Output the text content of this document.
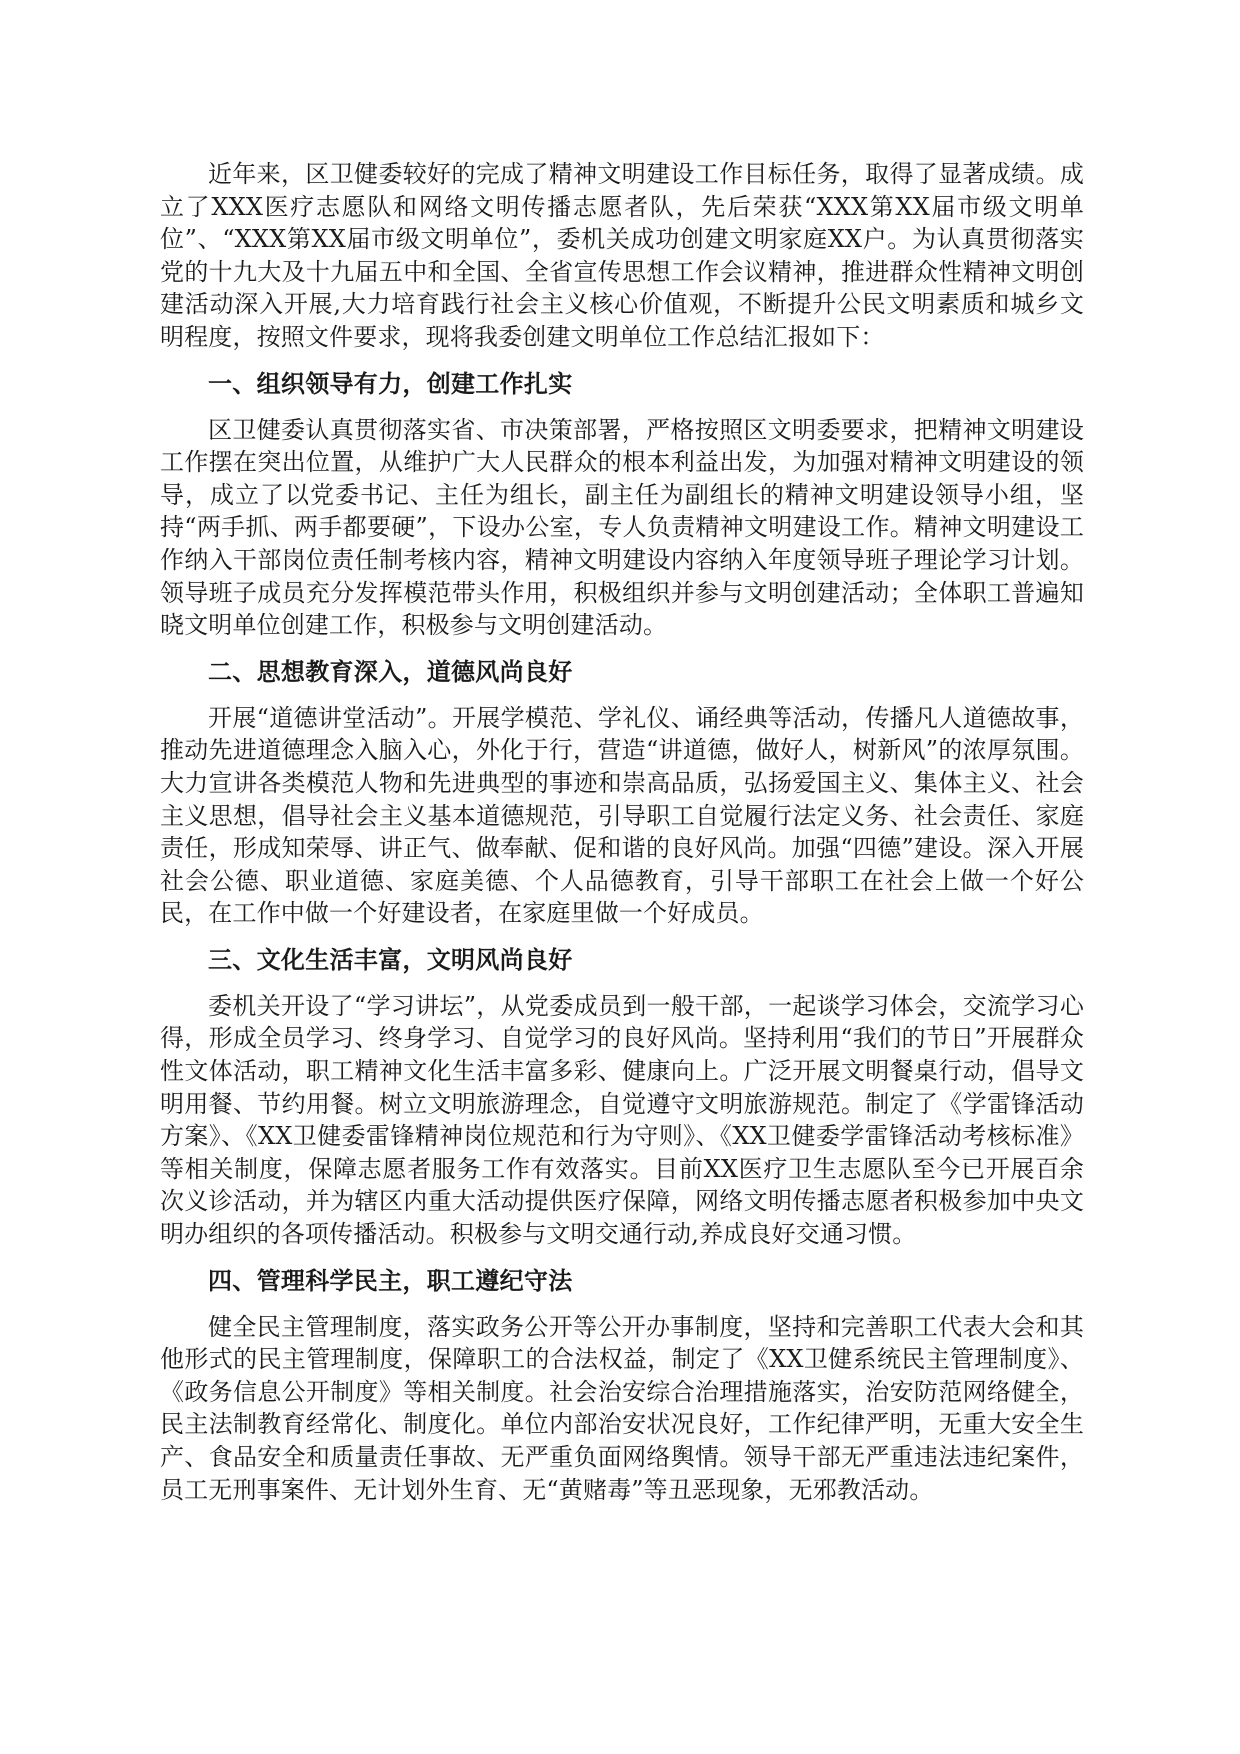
近年来，区卫健委较好的完成了精神文明建设工作目标任务，取得了显著成绩。成立了XXX医疗志愿队和网络文明传播志愿者队，先后荣获“XXX第XX届市级文明单位”、“XXX第XX届市级文明单位”，委机关成功创建文明家庭XX户。为认真贯彻落实党的十九大及十九届五中和全国、全省宣传思想工作会议精神，推进群众性精神文明创建活动深入开展,大力培育践行社会主义核心价值观，不断提升公民文明素质和城乡文明程度，按照文件要求，现将我委创建文明单位工作总结汇报如下：

一、组织领导有力，创建工作扎实

区卫健委认真贯彻落实省、市决策部署，严格按照区文明委要求，把精神文明建设工作摆在突出位置，从维护广大人民群众的根本利益出发，为加强对精神文明建设的领导，成立了以党委书记、主任为组长，副主任为副组长的精神文明建设领导小组，坚持“两手抓、两手都要硬”，下设办公室，专人负责精神文明建设工作。精神文明建设工作纳入干部岗位责任制考核内容，精神文明建设内容纳入年度领导班子理论学习计划。领导班子成员充分发挥模范带头作用，积极组织并参与文明创建活动；全体职工普遍知晓文明单位创建工作，积极参与文明创建活动。

二、思想教育深入，道德风尚良好

开展“道德讲堂活动”。开展学模范、学礼仪、诵经典等活动，传播凡人道德故事，推动先进道德理念入脑入心，外化于行，营造“讲道德，做好人，树新风”的浓厚氛围。大力宣讲各类模范人物和先进典型的事迹和崇高品质，弘扬爱国主义、集体主义、社会主义思想，倡导社会主义基本道德规范，引导职工自觉履行法定义务、社会责任、家庭责任，形成知荣辱、讲正气、做奉献、促和谐的良好风尚。加强“四德”建设。深入开展社会公德、职业道德、家庭美德、个人品德教育，引导干部职工在社会上做一个好公民，在工作中做一个好建设者，在家庭里做一个好成员。

三、文化生活丰富，文明风尚良好

委机关开设了“学习讲坛”，从党委成员到一般干部，一起谈学习体会，交流学习心得，形成全员学习、终身学习、自觉学习的良好风尚。坚持利用“我们的节日”开展群众性文体活动，职工精神文化生活丰富多彩、健康向上。广泛开展文明餐桌行动，倡导文明用餐、节约用餐。树立文明旅游理念，自觉遵守文明旅游规范。制定了《学雷锋活动方案》、《XX卫健委雷锋精神岗位规范和行为守则》、《XX卫健委学雷锋活动考核标准》等相关制度，保障志愿者服务工作有效落实。目前XX医疗卫生志愿队至今已开展百余次义诊活动，并为辖区内重大活动提供医疗保障，网络文明传播志愿者积极参加中央文明办组织的各项传播活动。积极参与文明交通行动,养成良好交通习惯。

四、管理科学民主，职工遵纪守法

健全民主管理制度，落实政务公开等公开办事制度，坚持和完善职工代表大会和其他形式的民主管理制度，保障职工的合法权益，制定了《XX卫健系统民主管理制度》、《政务信息公开制度》等相关制度。社会治安综合治理措施落实，治安防范网络健全，民主法制教育经常化、制度化。单位内部治安状况良好，工作纪律严明，无重大安全生产、食品安全和质量责任事故、无严重负面网络舆情。领导干部无严重违法违纪案件，员工无刑事案件、无计划外生育、无“黄赌毒”等丑恶现象，无邪教活动。
